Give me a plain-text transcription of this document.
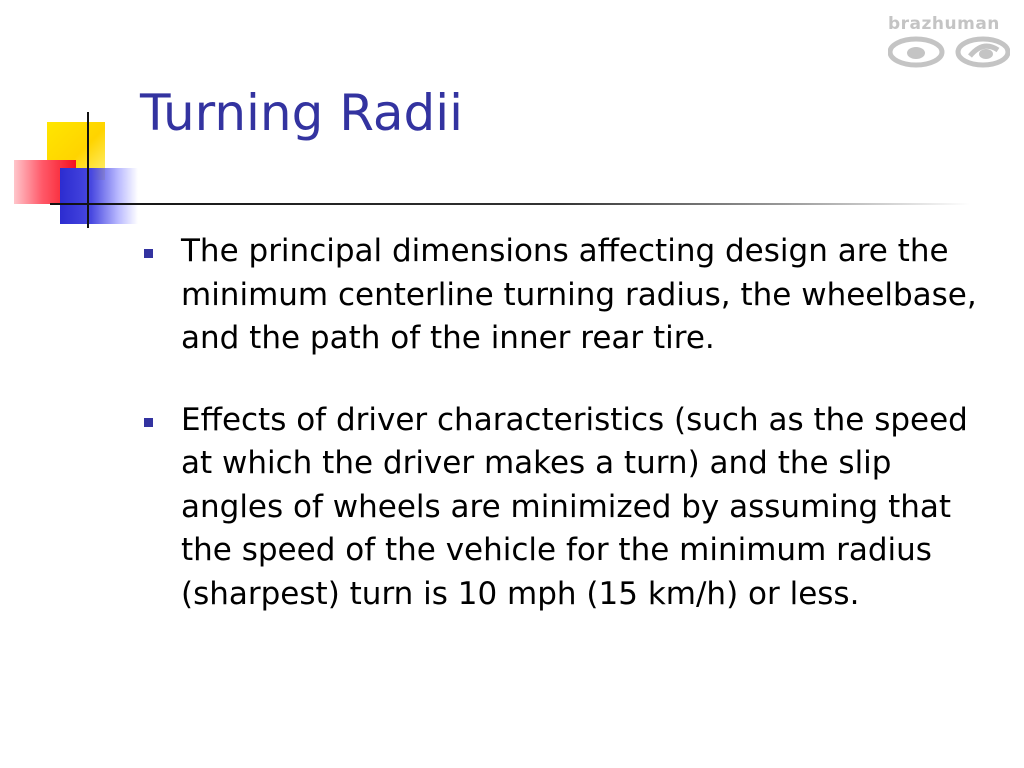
Turning Radii
brazhuman
The principal dimensions affecting design are the minimum centerline turning radius, the wheelbase, and the path of the inner rear tire.
Effects of driver characteristics (such as the speed at which the driver makes a turn) and the slip angles of wheels are minimized by assuming that the speed of the vehicle for the minimum radius (sharpest) turn is 10 mph (15 km/h) or less.
